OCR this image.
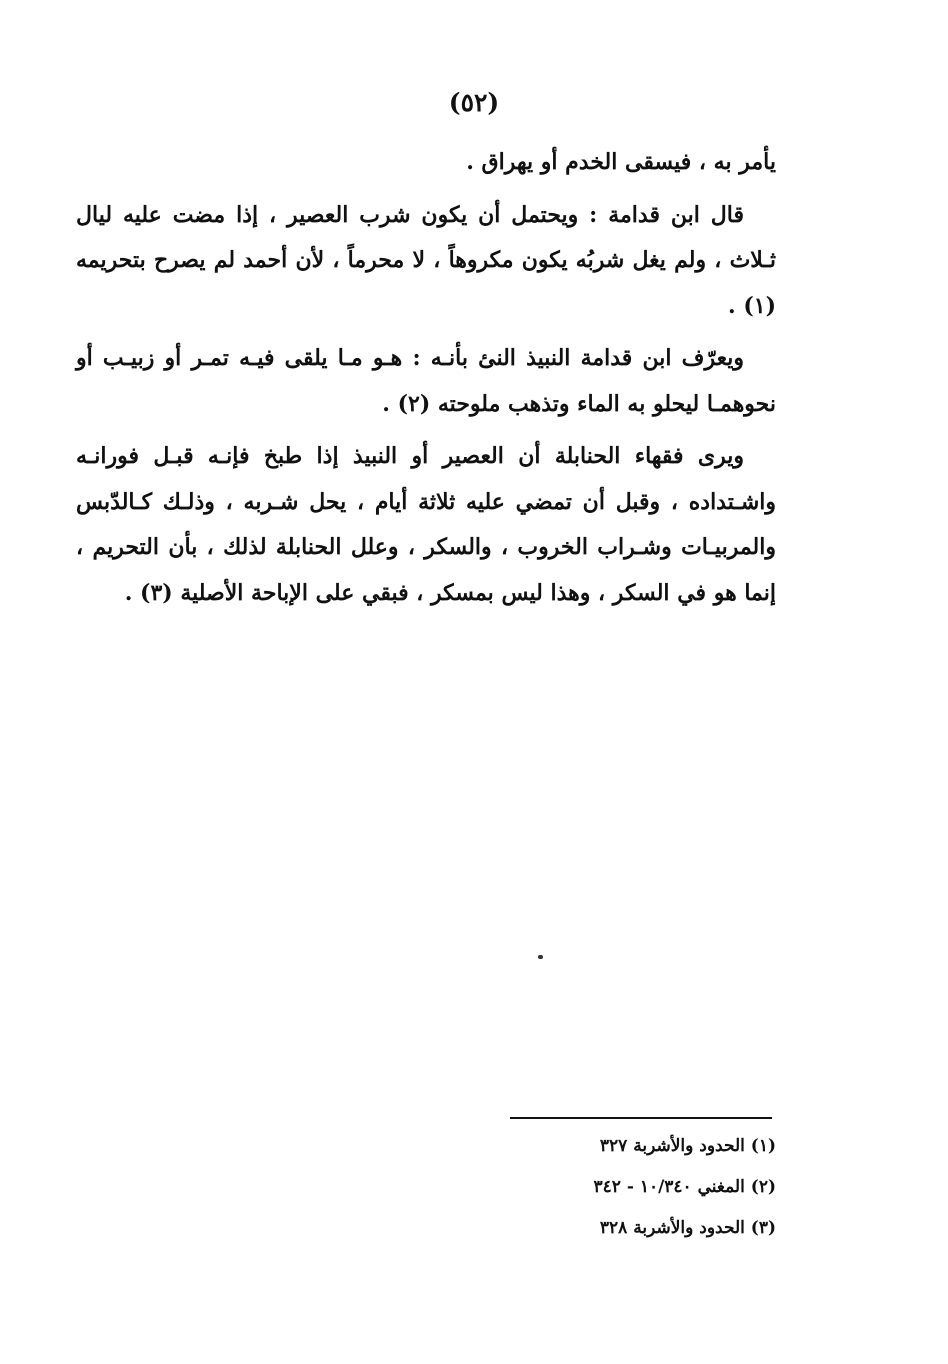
(٥٢)

يأمر به ، فيسقى الخدم أو يهراق .

قال ابن قدامة : ويحتمل أن يكون شرب العصير ، إذا مضت عليه ليال ثـلاث ، ولم يغل شربُه يكون مكروهاً ، لا محرماً ، لأن أحمد لم يصرح بتحريمه (١) .

ويعرّف ابن قدامة النبيذ النئ بأنـه : هـو مـا يلقى فيـه تمـر أو زبيـب أو نحوهمـا ليحلو به الماء وتذهب ملوحته (٢) .

ويرى فقهاء الحنابلة أن العصير أو النبيذ إذا طبخ فإنـه قبـل فورانـه واشـتداده ، وقبل أن تمضي عليه ثلاثة أيام ، يحل شـربه ، وذلـك كـالدّبس والمربيـات وشـراب الخروب ، والسكر ، وعلل الحنابلة لذلك ، بأن التحريم ، إنما هو في السكر ، وهذا ليس بمسكر ، فبقي على الإباحة الأصلية (٣) .

(١) الحدود والأشربة ٣٢٧
(٢) المغني ١٠/٣٤٠ - ٣٤٢
(٣) الحدود والأشربة ٣٢٨
